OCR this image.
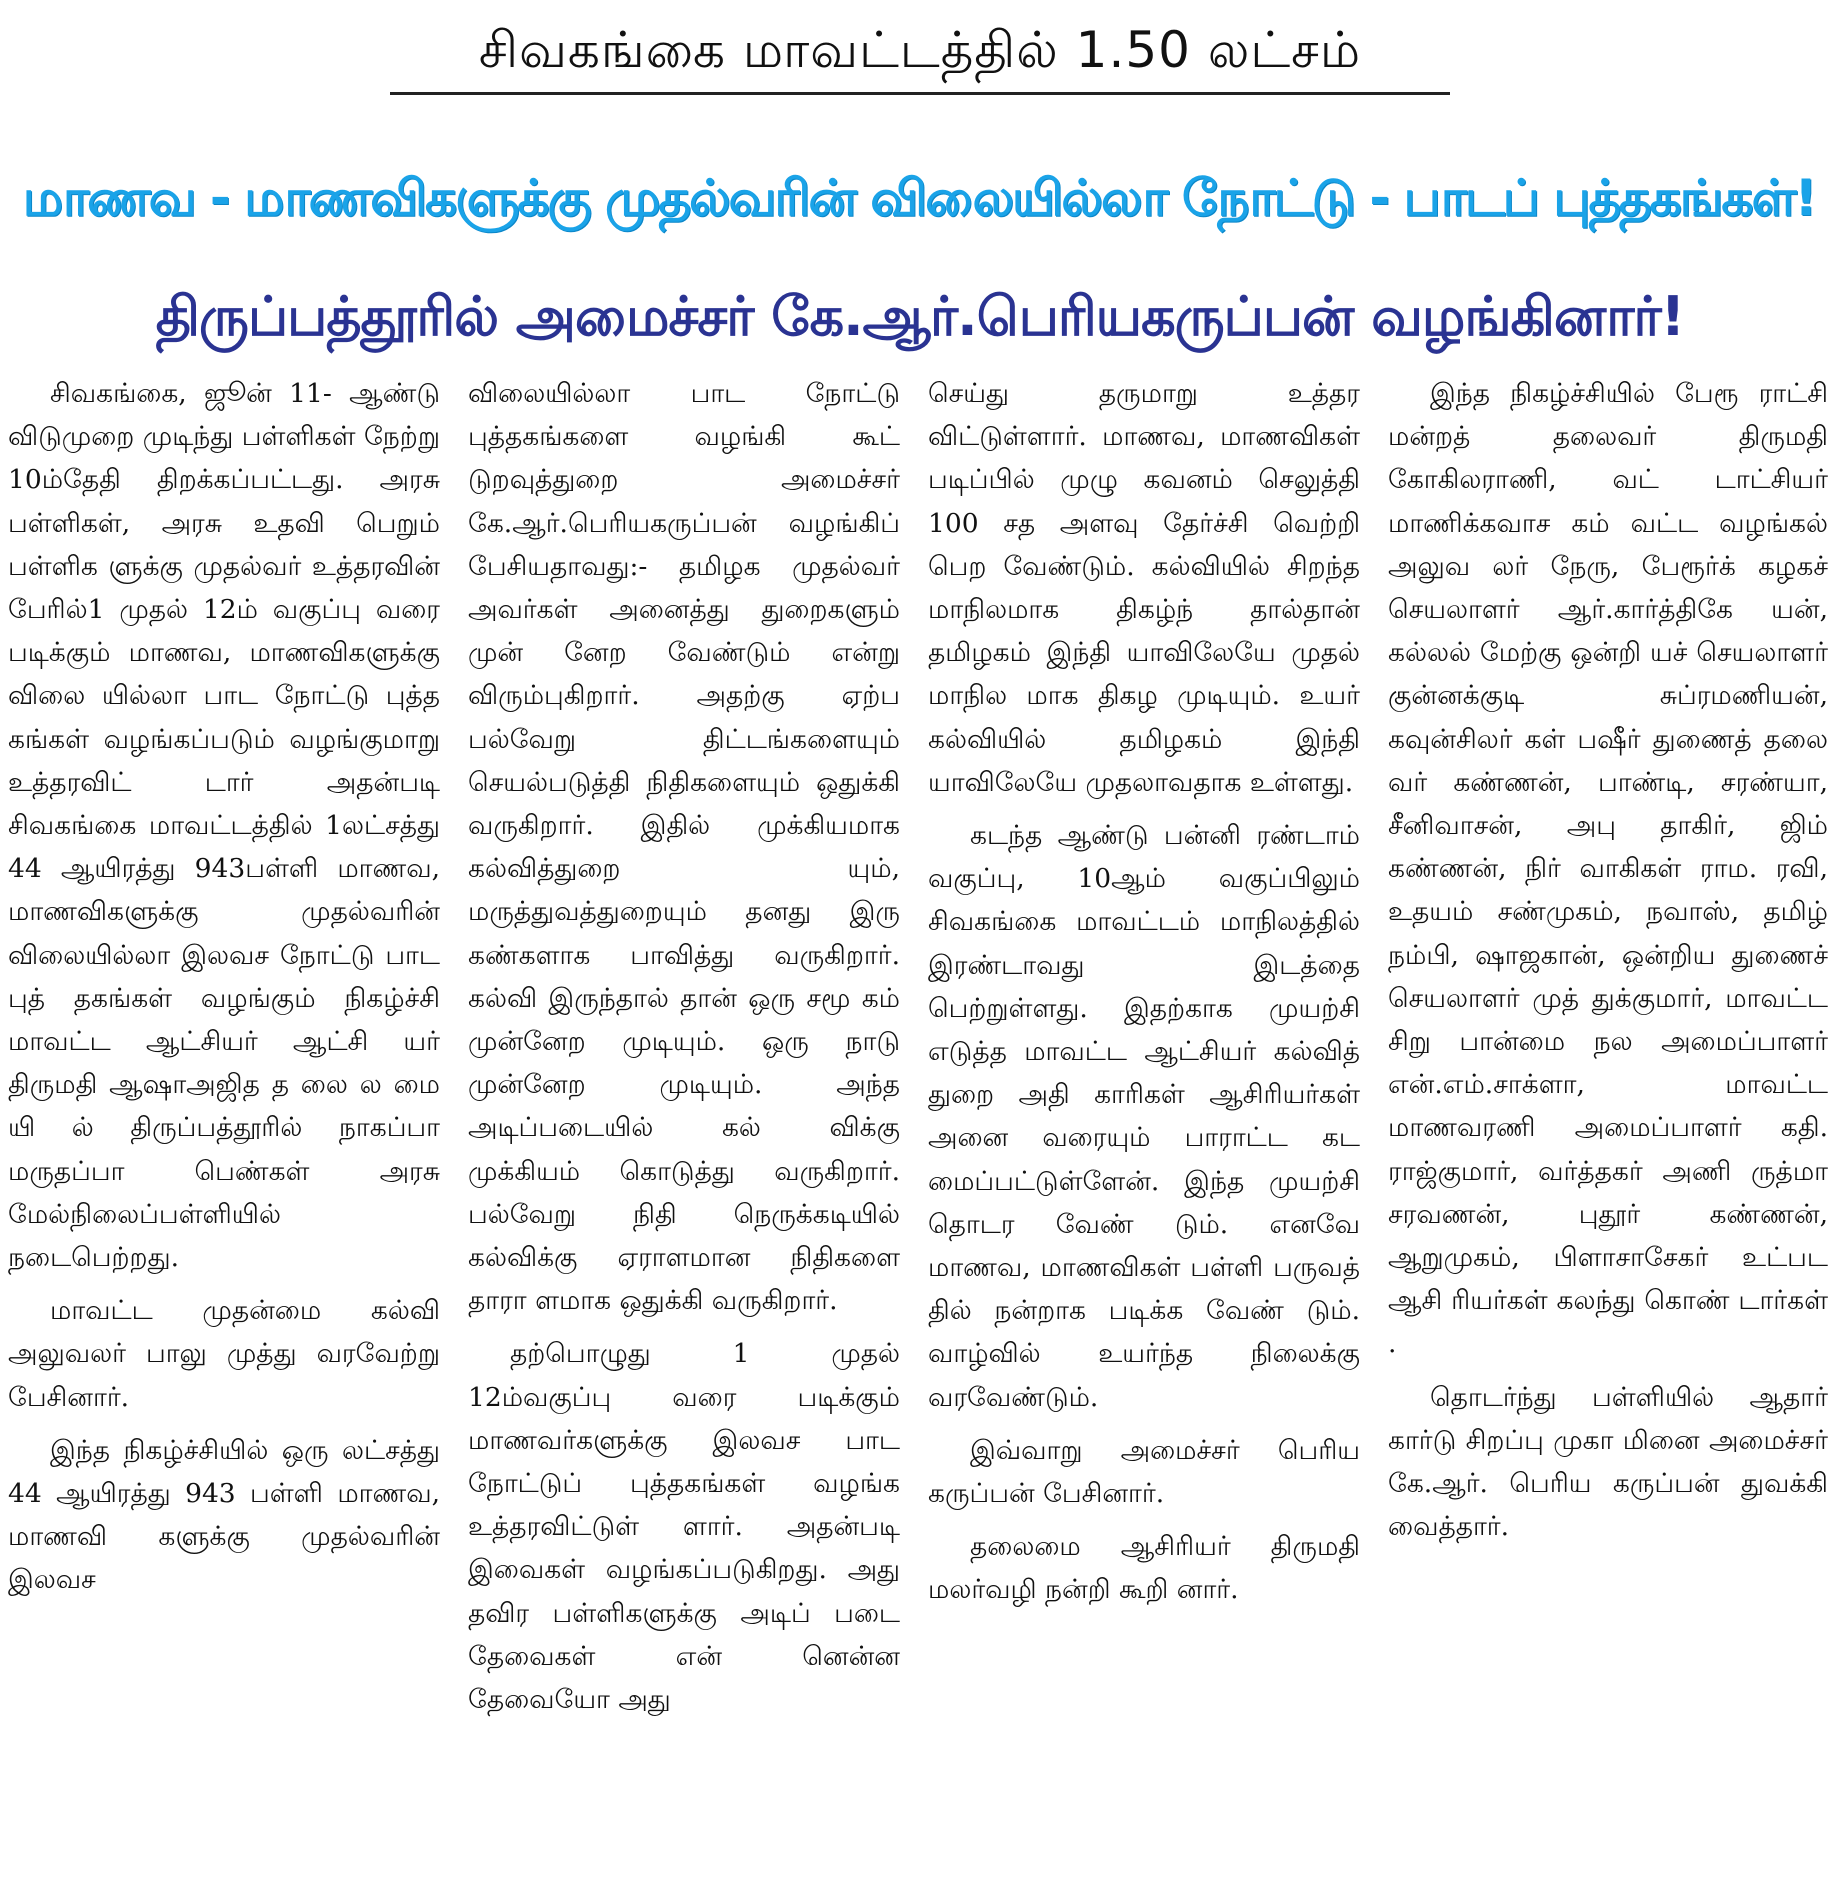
சிவகங்கை மாவட்டத்தில் 1.50 லட்சம்
மாணவ - மாணவிகளுக்கு முதல்வரின் விலையில்லா நோட்டு - பாடப் புத்தகங்கள்!
திருப்பத்தூரில் அமைச்சர் கே.ஆர்.பெரியகருப்பன் வழங்கினார்!

சிவகங்கை, ஜூன் 11- ஆண்டு விடுமுறை முடிந்து பள்ளிகள் நேற்று 10ம்தேதி திறக்கப்பட்டது. அரசு பள்ளிகள், அரசு உதவி பெறும் பள்ளிக ளுக்கு முதல்வர் உத்தரவின் பேரில்1 முதல் 12ம் வகுப்பு வரை படிக்கும் மாணவ, மாணவிகளுக்கு விலை யில்லா பாட நோட்டு புத்த கங்கள் வழங்கப்படும் வழங்குமாறு உத்தரவிட் டார் அதன்படி சிவகங்கை மாவட்டத்தில் 1லட்சத்து 44 ஆயிரத்து 943பள்ளி மாணவ, மாணவிகளுக்கு முதல்வரின் விலையில்லா இலவச நோட்டு பாட புத் தகங்கள் வழங்கும் நிகழ்ச்சி மாவட்ட ஆட்சியர் ஆட்சி யர் திருமதி ஆஷாஅஜித த லை ல மை யி ல் திருப்பத்தூரில் நாகப்பா மருதப்பா பெண்கள் அரசு மேல்நிலைப்பள்ளியில் நடைபெற்றது.

மாவட்ட முதன்மை கல்வி அலுவலர் பாலு முத்து வரவேற்று பேசினார்.

இந்த நிகழ்ச்சியில் ஒரு லட்சத்து 44 ஆயிரத்து 943 பள்ளி மாணவ, மாணவி களுக்கு முதல்வரின் இலவச

விலையில்லா பாட நோட்டு புத்தகங்களை வழங்கி கூட் டுறவுத்துறை அமைச்சர் கே.ஆர்.பெரியகருப்பன் வழங்கிப் பேசியதாவது:- தமிழக முதல்வர் அவர்கள் அனைத்து துறைகளும் முன் னேற வேண்டும் என்று விரும்புகிறார். அதற்கு ஏற்ப பல்வேறு திட்டங்களையும் செயல்படுத்தி நிதிகளையும் ஒதுக்கி வருகிறார். இதில் முக்கியமாக கல்வித்துறை யும், மருத்துவத்துறையும் தனது இரு கண்களாக பாவித்து வருகிறார். கல்வி இருந்தால் தான் ஒரு சமூ கம் முன்னேற முடியும். ஒரு நாடு முன்னேற முடியும். அந்த அடிப்படையில் கல் விக்கு முக்கியம் கொடுத்து வருகிறார். பல்வேறு நிதி நெருக்கடியில் கல்விக்கு ஏராளமான நிதிகளை தாரா ளமாக ஒதுக்கி வருகிறார்.

தற்பொழுது 1 முதல் 12ம்வகுப்பு வரை படிக்கும் மாணவர்களுக்கு இலவச பாட நோட்டுப் புத்தகங்கள் வழங்க உத்தரவிட்டுள் ளார். அதன்படி இவைகள் வழங்கப்படுகிறது. அது தவிர பள்ளிகளுக்கு அடிப் படை தேவைகள் என் னென்ன தேவையோ அது

செய்து தருமாறு உத்தர விட்டுள்ளார். மாணவ, மாணவிகள் படிப்பில் முழு கவனம் செலுத்தி 100 சத அளவு தேர்ச்சி வெற்றி பெற வேண்டும். கல்வியில் சிறந்த மாநிலமாக திகழ்ந் தால்தான் தமிழகம் இந்தி யாவிலேயே முதல் மாநில மாக திகழ முடியும். உயர் கல்வியில் தமிழகம் இந்தி யாவிலேயே முதலாவதாக உள்ளது.

கடந்த ஆண்டு பன்னி ரண்டாம் வகுப்பு, 10ஆம் வகுப்பிலும் சிவகங்கை மாவட்டம் மாநிலத்தில் இரண்டாவது இடத்தை பெற்றுள்ளது. இதற்காக முயற்சி எடுத்த மாவட்ட ஆட்சியர் கல்வித் துறை அதி காரிகள் ஆசிரியர்கள் அனை வரையும் பாராட்ட கட மைப்பட்டுள்ளேன். இந்த முயற்சி தொடர வேண் டும். எனவே மாணவ, மாணவிகள் பள்ளி பருவத் தில் நன்றாக படிக்க வேண் டும். வாழ்வில் உயர்ந்த நிலைக்கு வரவேண்டும்.

இவ்வாறு அமைச்சர் பெரிய கருப்பன் பேசினார்.

தலைமை ஆசிரியர் திருமதி மலர்வழி நன்றி கூறி னார்.

இந்த நிகழ்ச்சியில் பேரூ ராட்சி மன்றத் தலைவர் திருமதி கோகிலராணி, வட் டாட்சியர் மாணிக்கவாச கம் வட்ட வழங்கல் அலுவ லர் நேரு, பேரூர்க் கழகச் செயலாளர் ஆர்.கார்த்திகே யன், கல்லல் மேற்கு ஒன்றி யச் செயலாளர் குன்னக்குடி சுப்ரமணியன், கவுன்சிலர் கள் பஷீர் துணைத் தலை வர் கண்ணன், பாண்டி, சரண்யா, சீனிவாசன், அபு தாகிர், ஜிம் கண்ணன், நிர் வாகிகள் ராம. ரவி, உதயம் சண்முகம், நவாஸ், தமிழ் நம்பி, ஷாஜகான், ஒன்றிய துணைச் செயலாளர் முத் துக்குமார், மாவட்ட சிறு பான்மை நல அமைப்பாளர் என்.எம்.சாக்ளா, மாவட்ட மாணவரணி அமைப்பாளர் கதி. ராஜ்குமார், வர்த்தகர் அணி ருத்மா சரவணன், புதூர் கண்ணன், ஆறுமுகம், பிளாசாசேகர் உட்பட ஆசி ரியர்கள் கலந்து கொண் டார்கள் .

தொடர்ந்து பள்ளியில் ஆதார் கார்டு சிறப்பு முகா மினை அமைச்சர் கே.ஆர். பெரிய கருப்பன் துவக்கி வைத்தார்.
